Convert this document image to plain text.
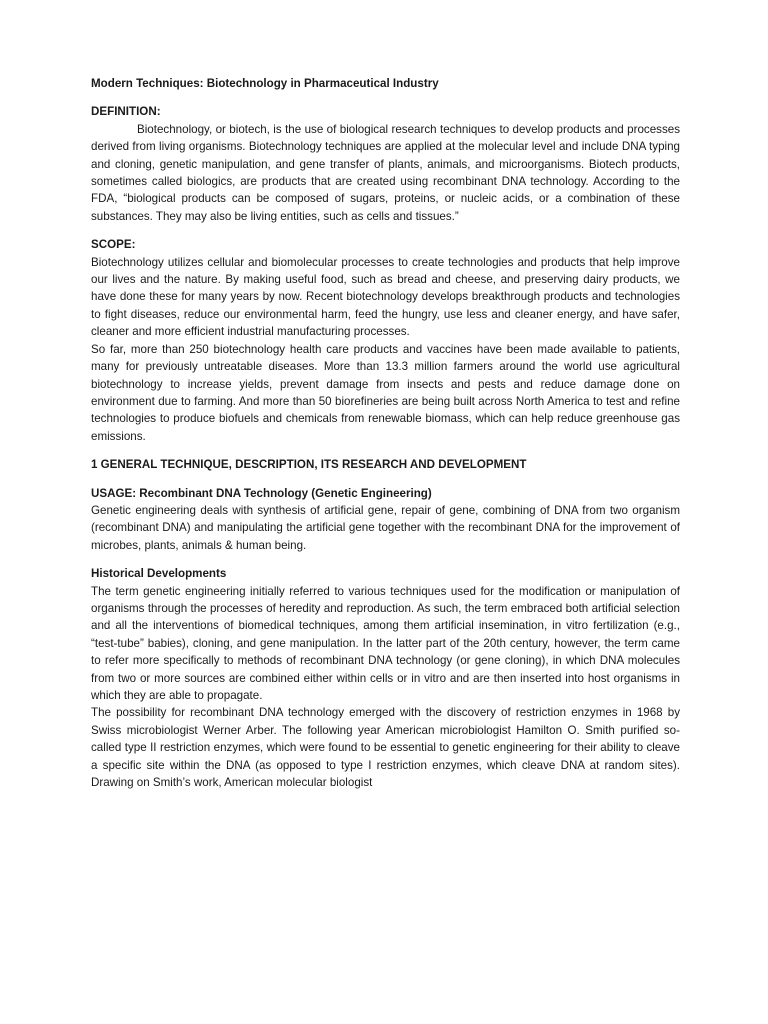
Modern Techniques: Biotechnology in Pharmaceutical Industry
DEFINITION:

Biotechnology, or biotech, is the use of biological research techniques to develop products and processes derived from living organisms. Biotechnology techniques are applied at the molecular level and include DNA typing and cloning, genetic manipulation, and gene transfer of plants, animals, and microorganisms. Biotech products, sometimes called biologics, are products that are created using recombinant DNA technology. According to the FDA, “biological products can be composed of sugars, proteins, or nucleic acids, or a combination of these substances. They may also be living entities, such as cells and tissues.”

SCOPE:

Biotechnology utilizes cellular and biomolecular processes to create technologies and products that help improve our lives and the nature. By making useful food, such as bread and cheese, and preserving dairy products, we have done these for many years by now. Recent biotechnology develops breakthrough products and technologies to fight diseases, reduce our environmental harm, feed the hungry, use less and cleaner energy, and have safer, cleaner and more efficient industrial manufacturing processes.

So far, more than 250 biotechnology health care products and vaccines have been made available to patients, many for previously untreatable diseases. More than 13.3 million farmers around the world use agricultural biotechnology to increase yields, prevent damage from insects and pests and reduce damage done on environment due to farming. And more than 50 biorefineries are being built across North America to test and refine technologies to produce biofuels and chemicals from renewable biomass, which can help reduce greenhouse gas emissions.

1 GENERAL TECHNIQUE, DESCRIPTION, ITS RESEARCH AND DEVELOPMENT
USAGE: Recombinant DNA Technology (Genetic Engineering)

Genetic engineering deals with synthesis of artificial gene, repair of gene, combining of DNA from two organism (recombinant DNA) and manipulating the artificial gene together with the recombinant DNA for the improvement of microbes, plants, animals & human being.

Historical Developments

The term genetic engineering initially referred to various techniques used for the modification or manipulation of organisms through the processes of heredity and reproduction. As such, the term embraced both artificial selection and all the interventions of biomedical techniques, among them artificial insemination, in vitro fertilization (e.g., “test-tube” babies), cloning, and gene manipulation. In the latter part of the 20th century, however, the term came to refer more specifically to methods of recombinant DNA technology (or gene cloning), in which DNA molecules from two or more sources are combined either within cells or in vitro and are then inserted into host organisms in which they are able to propagate.

The possibility for recombinant DNA technology emerged with the discovery of restriction enzymes in 1968 by Swiss microbiologist Werner Arber. The following year American microbiologist Hamilton O. Smith purified so-called type II restriction enzymes, which were found to be essential to genetic engineering for their ability to cleave a specific site within the DNA (as opposed to type I restriction enzymes, which cleave DNA at random sites). Drawing on Smith’s work, American molecular biologist
